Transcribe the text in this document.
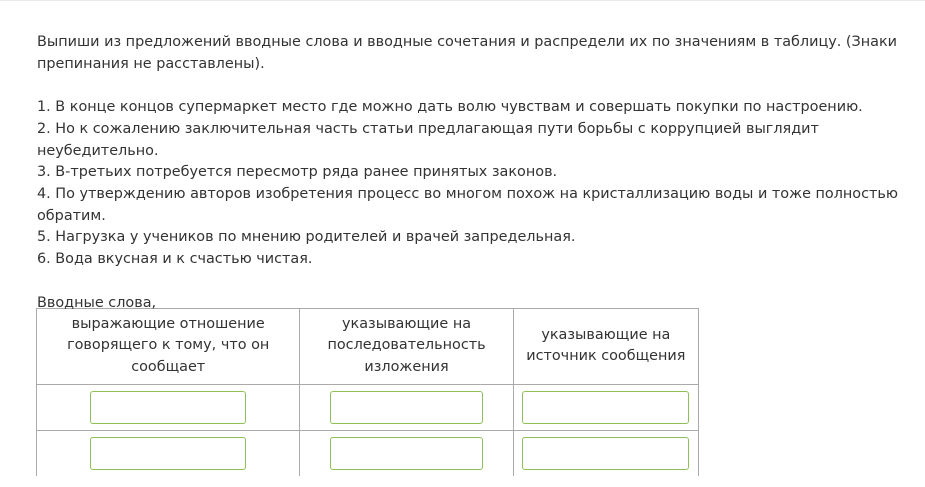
Выпиши из предложений вводные слова и вводные сочетания и распредели их по значениям в таблицу. (Знаки препинания не расставлены).

1. В конце концов супермаркет место где можно дать волю чувствам и совершать покупки по настроению.
2. Но к сожалению заключительная часть статьи предлагающая пути борьбы с коррупцией выглядит неубедительно.
3. В-третьих потребуется пересмотр ряда ранее принятых законов.
4. По утверждению авторов изобретения процесс во многом похож на кристаллизацию воды и тоже полностью обратим.
5. Нагрузка у учеников по мнению родителей и врачей запредельная.
6. Вода вкусная и к счастью чистая.

Вводные слова,

выражающие отношение говорящего к тому, что он сообщает	указывающие на последовательность изложения	указывающие на источник сообщения
